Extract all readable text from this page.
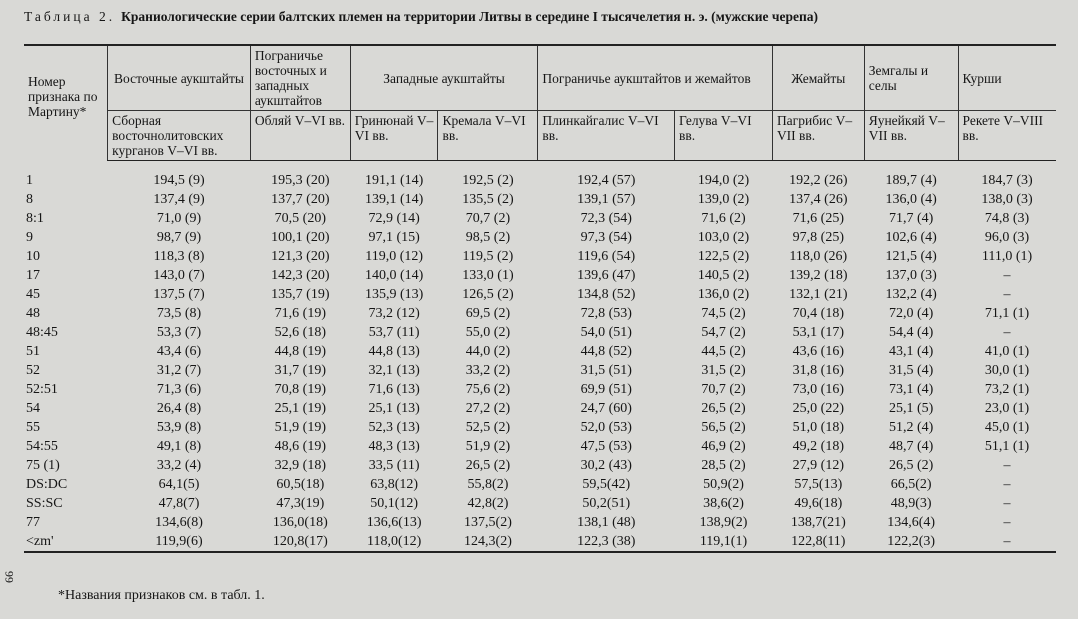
Таблица 2. Краниологические серии балтских племен на территории Литвы в середине I тысячелетия н. э. (мужские черепа)
Номер признака по Мартину*	Восточные аукштайты	Пограничье восточных и западных аукштайтов	Западные аукштайты		Пограничье аукштайтов и жемайтов		Жемайты	Земгалы и селы	Курши
	Сборная восточнолитовских курганов V–VI вв.	Обляй V–VI вв.	Гринюнай V–VI вв.	Кремала V–VI вв.	Плинкайгалис V–VI вв.	Гелува V–VI вв.	Пагрибис V–VII вв.	Яунейкяй V–VII вв.	Рекете V–VIII вв.
1	194,5 (9)	195,3 (20)	191,1 (14)	192,5 (2)	192,4 (57)	194,0 (2)	192,2 (26)	189,7 (4)	184,7 (3)
8	137,4 (9)	137,7 (20)	139,1 (14)	135,5 (2)	139,1 (57)	139,0 (2)	137,4 (26)	136,0 (4)	138,0 (3)
8:1	71,0 (9)	70,5 (20)	72,9 (14)	70,7 (2)	72,3 (54)	71,6 (2)	71,6 (25)	71,7 (4)	74,8 (3)
9	98,7 (9)	100,1 (20)	97,1 (15)	98,5 (2)	97,3 (54)	103,0 (2)	97,8 (25)	102,6 (4)	96,0 (3)
10	118,3 (8)	121,3 (20)	119,0 (12)	119,5 (2)	119,6 (54)	122,5 (2)	118,0 (26)	121,5 (4)	111,0 (1)
17	143,0 (7)	142,3 (20)	140,0 (14)	133,0 (1)	139,6 (47)	140,5 (2)	139,2 (18)	137,0 (3)	–
45	137,5 (7)	135,7 (19)	135,9 (13)	126,5 (2)	134,8 (52)	136,0 (2)	132,1 (21)	132,2 (4)	–
48	73,5 (8)	71,6 (19)	73,2 (12)	69,5 (2)	72,8 (53)	74,5 (2)	70,4 (18)	72,0 (4)	71,1 (1)
48:45	53,3 (7)	52,6 (18)	53,7 (11)	55,0 (2)	54,0 (51)	54,7 (2)	53,1 (17)	54,4 (4)	–
51	43,4 (6)	44,8 (19)	44,8 (13)	44,0 (2)	44,8 (52)	44,5 (2)	43,6 (16)	43,1 (4)	41,0 (1)
52	31,2 (7)	31,7 (19)	32,1 (13)	33,2 (2)	31,5 (51)	31,5 (2)	31,8 (16)	31,5 (4)	30,0 (1)
52:51	71,3 (6)	70,8 (19)	71,6 (13)	75,6 (2)	69,9 (51)	70,7 (2)	73,0 (16)	73,1 (4)	73,2 (1)
54	26,4 (8)	25,1 (19)	25,1 (13)	27,2 (2)	24,7 (60)	26,5 (2)	25,0 (22)	25,1 (5)	23,0 (1)
55	53,9 (8)	51,9 (19)	52,3 (13)	52,5 (2)	52,0 (53)	56,5 (2)	51,0 (18)	51,2 (4)	45,0 (1)
54:55	49,1 (8)	48,6 (19)	48,3 (13)	51,9 (2)	47,5 (53)	46,9 (2)	49,2 (18)	48,7 (4)	51,1 (1)
75 (1)	33,2 (4)	32,9 (18)	33,5 (11)	26,5 (2)	30,2 (43)	28,5 (2)	27,9 (12)	26,5 (2)	–
DS:DC	64,1(5)	60,5(18)	63,8(12)	55,8(2)	59,5(42)	50,9(2)	57,5(13)	66,5(2)	–
SS:SC	47,8(7)	47,3(19)	50,1(12)	42,8(2)	50,2(51)	38,6(2)	49,6(18)	48,9(3)	–
77	134,6(8)	136,0(18)	136,6(13)	137,5(2)	138,1 (48)	138,9(2)	138,7(21)	134,6(4)	–
<zm'	119,9(6)	120,8(17)	118,0(12)	124,3(2)	122,3 (38)	119,1(1)	122,8(11)	122,2(3)	–
*Названия признаков см. в табл. 1.
66
